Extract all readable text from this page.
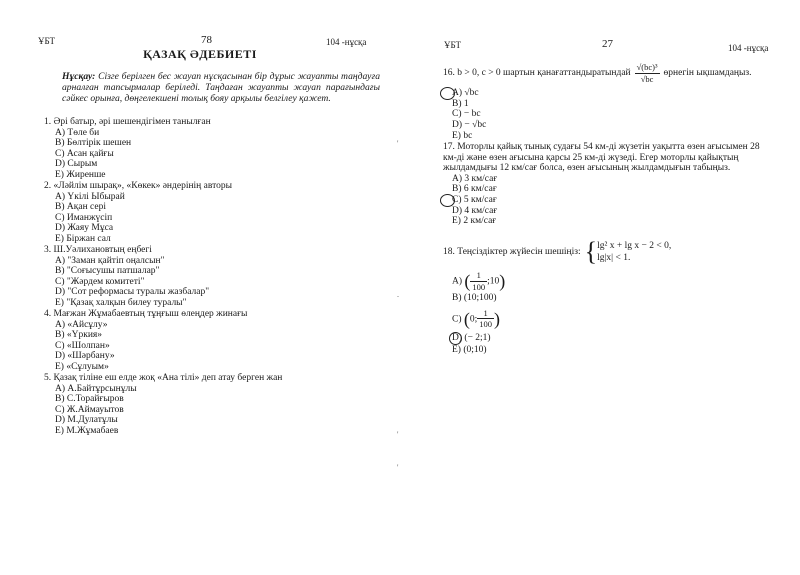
ҰБТ	78	104 -нұсқа
ҚАЗАҚ ӘДЕБИЕТІ
Нұсқау: Сізге берілген бес жауап нұсқасынан бір дұрыс жауапты таңдауға арналған тапсырмалар беріледі. Таңдаған жауапты жауап парағындағы сәйкес орынға, дөңгелекшені толық бояу арқылы белгілеу қажет.
1. Әрі батыр, әрі шешендігімен танылған
A) Төле би
B) Бөлтірік шешен
C) Асан қайғы
D) Сырым
E) Жиренше
2. «Ләйлім шырақ», «Көкек» әндерінің авторы
A) Үкілі Ыбырай
B) Ақан сері
C) Иманжүсіп
D) Жаяу Мұса
E) Біржан сал
3. Ш.Уәлихановтың еңбегі
A) "Заман қайтіп оңалсын"
B) "Соғысушы патшалар"
C) "Жәрдем комитеті"
D) "Сот реформасы туралы жазбалар"
E) "Қазақ халқын билеу туралы"
4. Мағжан Жұмабаевтың тұңғыш өлеңдер жинағы
A) «Айсұлу»
B) «Үркия»
C) «Шолпан»
D) «Шәрбану»
E) «Сұлуым»
5. Қазақ тіліне еш елде жоқ «Ана тілі» деп атау берген жан
A) А.Байтұрсынұлы
B) С.Торайғыров
C) Ж.Аймауытов
D) М.Дулатұлы
E) М.Жұмабаев
'
'
'
.
ҰБТ	27	104 -нұсқа
16. b > 0, c > 0 шартын қанағаттандыратындай $\frac{\text{√(bc)³}}{√bc}$ өрнегін ықшамдаңыз.
A) √bc
B) 1
C) − bc
D) − √bc
E) bc
17. Моторлы қайық тынық судағы 54 км-ді жүзетін уақытта өзен ағысымен 28 км-ді және өзен ағысына қарсы 25 км-ді жүзеді. Егер моторлы қайықтың жылдамдығы 12 км/сағ болса, өзен ағысының жылдамдығын табыңыз.
A) 3 км/сағ
B) 6 км/сағ
C) 5 км/сағ
D) 4 км/сағ
E) 2 км/сағ
18. Теңсіздіктер жүйесін шешіңіз: { lg² x + lg x − 2 < 0,
lg|x| < 1.
A) ( $\frac{1}{100}$ ;10)
B) (10;100)
C) (0; $\frac{1}{100}$ )
D) (− 2;1)
E) (0;10)
